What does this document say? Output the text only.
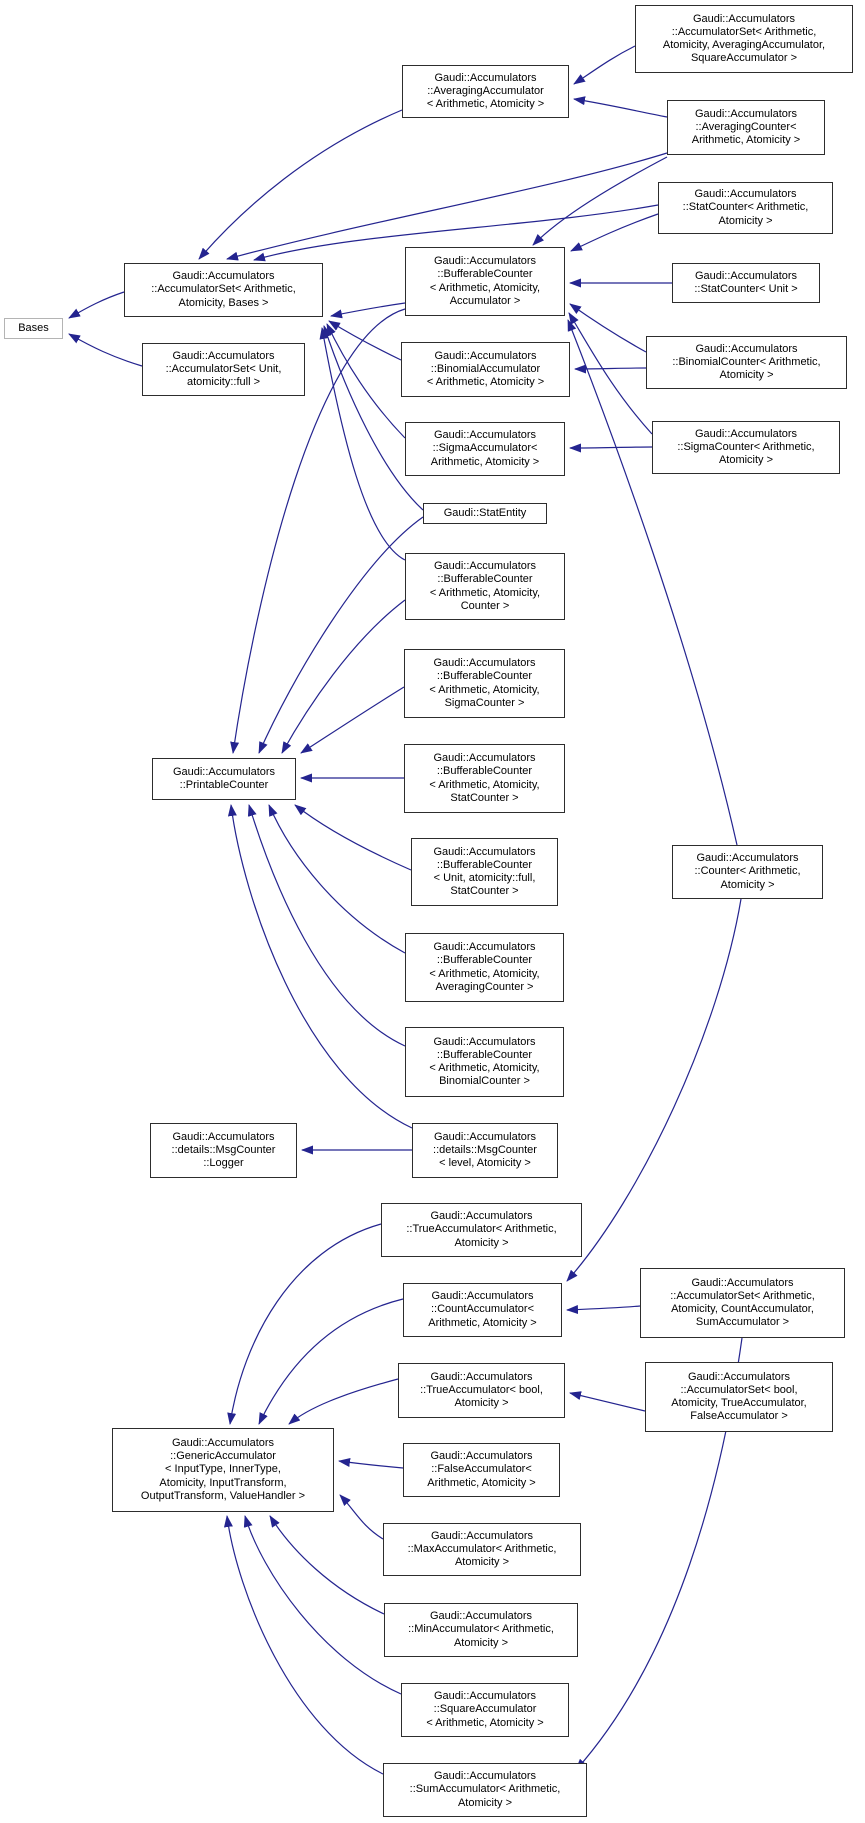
Bases
Gaudi::Accumulators
::AccumulatorSet< Arithmetic,
Atomicity, Bases >
Gaudi::Accumulators
::AccumulatorSet< Unit,
atomicity::full >
Gaudi::Accumulators
::AveragingAccumulator
< Arithmetic, Atomicity >
Gaudi::Accumulators
::AccumulatorSet< Arithmetic,
Atomicity, AveragingAccumulator,
SquareAccumulator >
Gaudi::Accumulators
::AveragingCounter<
Arithmetic, Atomicity >
Gaudi::Accumulators
::StatCounter< Arithmetic,
Atomicity >
Gaudi::Accumulators
::BufferableCounter
< Arithmetic, Atomicity,
Accumulator >
Gaudi::Accumulators
::StatCounter< Unit >
Gaudi::Accumulators
::BinomialAccumulator
< Arithmetic, Atomicity >
Gaudi::Accumulators
::BinomialCounter< Arithmetic,
Atomicity >
Gaudi::Accumulators
::SigmaAccumulator<
Arithmetic, Atomicity >
Gaudi::Accumulators
::SigmaCounter< Arithmetic,
Atomicity >
Gaudi::StatEntity
Gaudi::Accumulators
::BufferableCounter
< Arithmetic, Atomicity,
Counter >
Gaudi::Accumulators
::BufferableCounter
< Arithmetic, Atomicity,
SigmaCounter >
Gaudi::Accumulators
::BufferableCounter
< Arithmetic, Atomicity,
StatCounter >
Gaudi::Accumulators
::BufferableCounter
< Unit, atomicity::full,
StatCounter >
Gaudi::Accumulators
::Counter< Arithmetic,
Atomicity >
Gaudi::Accumulators
::PrintableCounter
Gaudi::Accumulators
::BufferableCounter
< Arithmetic, Atomicity,
AveragingCounter >
Gaudi::Accumulators
::BufferableCounter
< Arithmetic, Atomicity,
BinomialCounter >
Gaudi::Accumulators
::details::MsgCounter
::Logger
Gaudi::Accumulators
::details::MsgCounter
< level, Atomicity >
Gaudi::Accumulators
::TrueAccumulator< Arithmetic,
Atomicity >
Gaudi::Accumulators
::CountAccumulator<
Arithmetic, Atomicity >
Gaudi::Accumulators
::AccumulatorSet< Arithmetic,
Atomicity, CountAccumulator,
SumAccumulator >
Gaudi::Accumulators
::TrueAccumulator< bool,
Atomicity >
Gaudi::Accumulators
::AccumulatorSet< bool,
Atomicity, TrueAccumulator,
FalseAccumulator >
Gaudi::Accumulators
::GenericAccumulator
< InputType, InnerType,
Atomicity, InputTransform,
OutputTransform, ValueHandler >
Gaudi::Accumulators
::FalseAccumulator<
Arithmetic, Atomicity >
Gaudi::Accumulators
::MaxAccumulator< Arithmetic,
Atomicity >
Gaudi::Accumulators
::MinAccumulator< Arithmetic,
Atomicity >
Gaudi::Accumulators
::SquareAccumulator
< Arithmetic, Atomicity >
Gaudi::Accumulators
::SumAccumulator< Arithmetic,
Atomicity >
